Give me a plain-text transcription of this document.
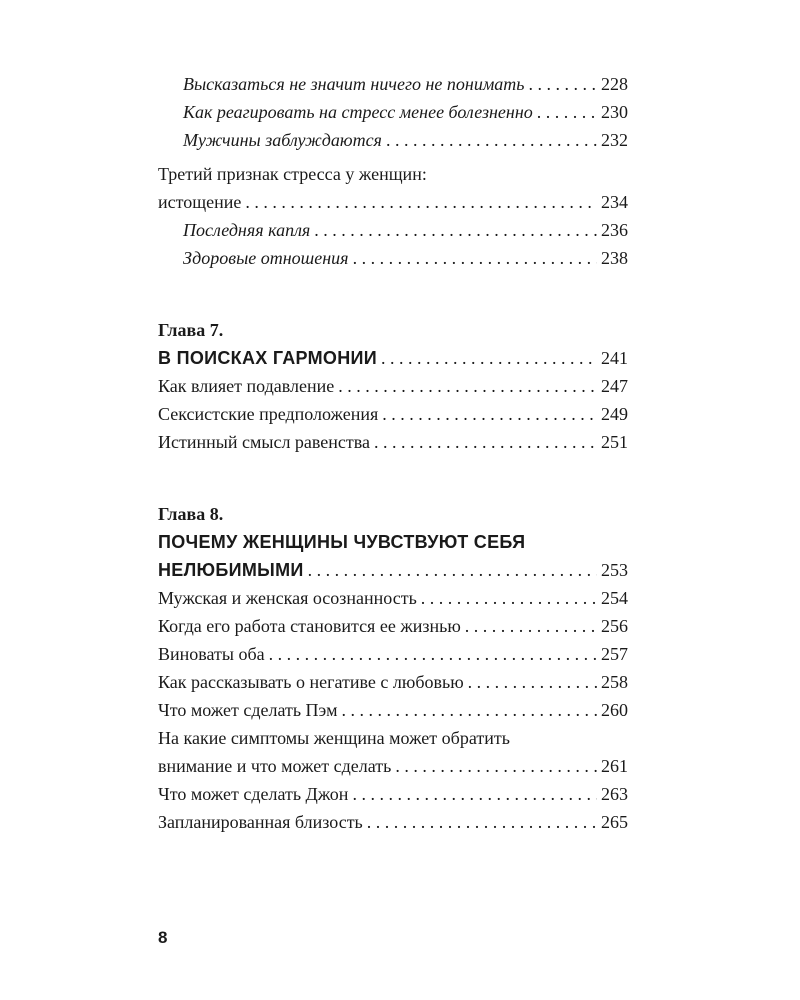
Высказаться не значит ничего не понимать . . .	228
Как реагировать на стресс менее болезненно . . .	230
Мужчины заблуждаются . . .	232
Третий признак стресса у женщин:
истощение . . .	234
Последняя капля . . .	236
Здоровые отношения . . .	238
Глава 7.
В ПОИСКАХ ГАРМОНИИ . . .	241
Как влияет подавление . . .	247
Сексистские предположения . . .	249
Истинный смысл равенства . . .	251
Глава 8.
ПОЧЕМУ ЖЕНЩИНЫ ЧУВСТВУЮТ СЕБЯ
НЕЛЮБИМЫМИ . . .	253
Мужская и женская осознанность . . .	254
Когда его работа становится ее жизнью . . .	256
Виноваты оба . . .	257
Как рассказывать о негативе с любовью . . .	258
Что может сделать Пэм . . .	260
На какие симптомы женщина может обратить
внимание и что может сделать . . .	261
Что может сделать Джон . . .	263
Запланированная близость . . .	265
8
